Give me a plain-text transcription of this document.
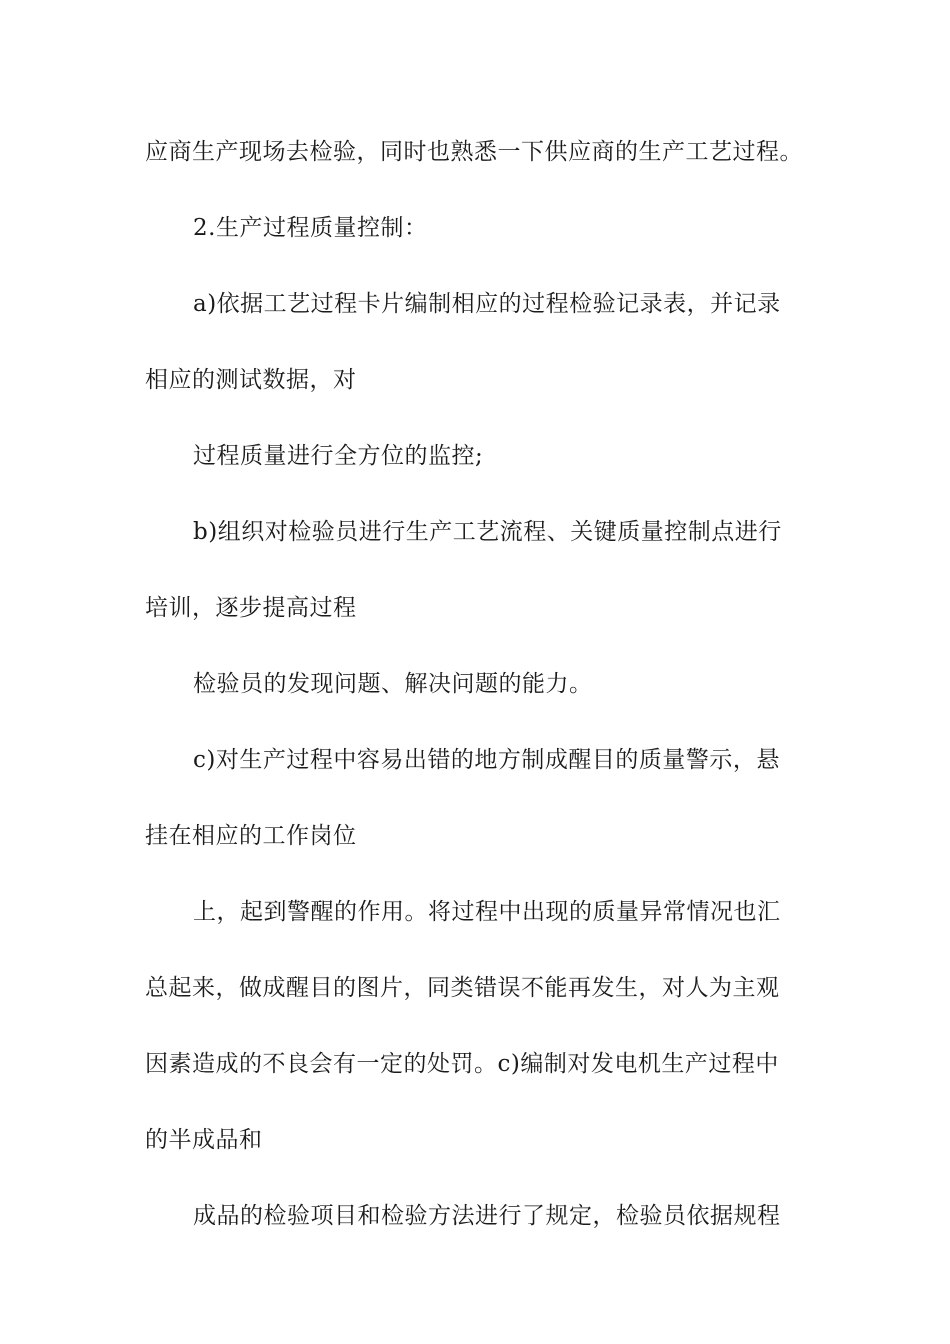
应商生产现场去检验，同时也熟悉一下供应商的生产工艺过程。
2.生产过程质量控制：
a)依据工艺过程卡片编制相应的过程检验记录表，并记录
相应的测试数据，对
过程质量进行全方位的监控;
b)组织对检验员进行生产工艺流程、关键质量控制点进行
培训，逐步提高过程
检验员的发现问题、解决问题的能力。
c)对生产过程中容易出错的地方制成醒目的质量警示，悬
挂在相应的工作岗位
上，起到警醒的作用。将过程中出现的质量异常情况也汇
总起来，做成醒目的图片，同类错误不能再发生，对人为主观
因素造成的不良会有一定的处罚。c)编制对发电机生产过程中
的半成品和
成品的检验项目和检验方法进行了规定，检验员依据规程
